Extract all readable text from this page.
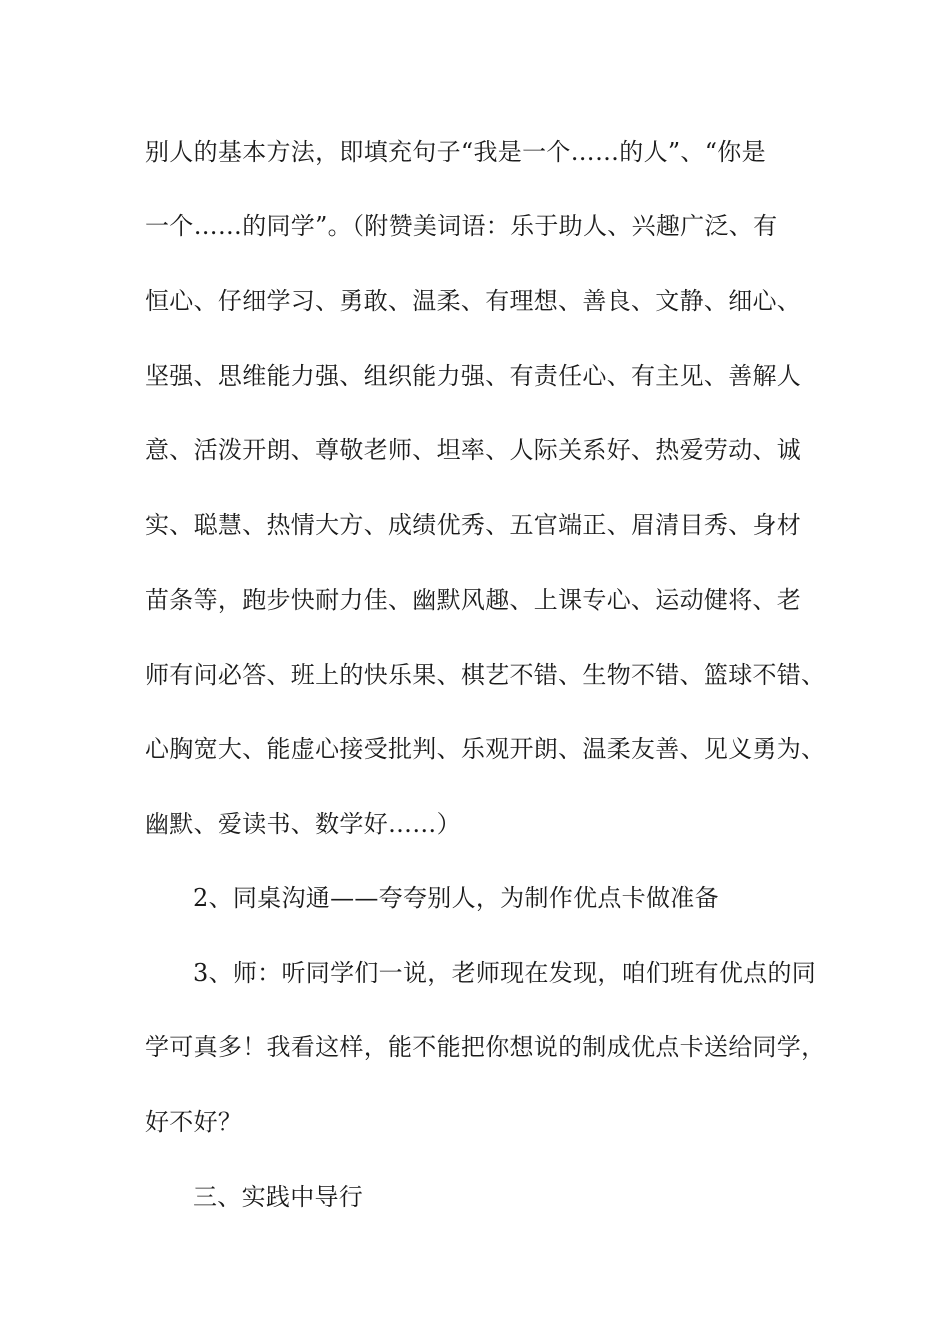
别人的基本方法，即填充句子“我是一个……的人”、“你是
一个……的同学”。（附赞美词语：乐于助人、兴趣广泛、有
恒心、仔细学习、勇敢、温柔、有理想、善良、文静、细心、
坚强、思维能力强、组织能力强、有责任心、有主见、善解人
意、活泼开朗、尊敬老师、坦率、人际关系好、热爱劳动、诚
实、聪慧、热情大方、成绩优秀、五官端正、眉清目秀、身材
苗条等，跑步快耐力佳、幽默风趣、上课专心、运动健将、老
师有问必答、班上的快乐果、棋艺不错、生物不错、篮球不错、
心胸宽大、能虚心接受批判、乐观开朗、温柔友善、见义勇为、
幽默、爱读书、数学好……）
2、同桌沟通——夸夸别人，为制作优点卡做准备
3、师：听同学们一说，老师现在发现，咱们班有优点的同
学可真多！我看这样，能不能把你想说的制成优点卡送给同学，
好不好？
三、实践中导行
